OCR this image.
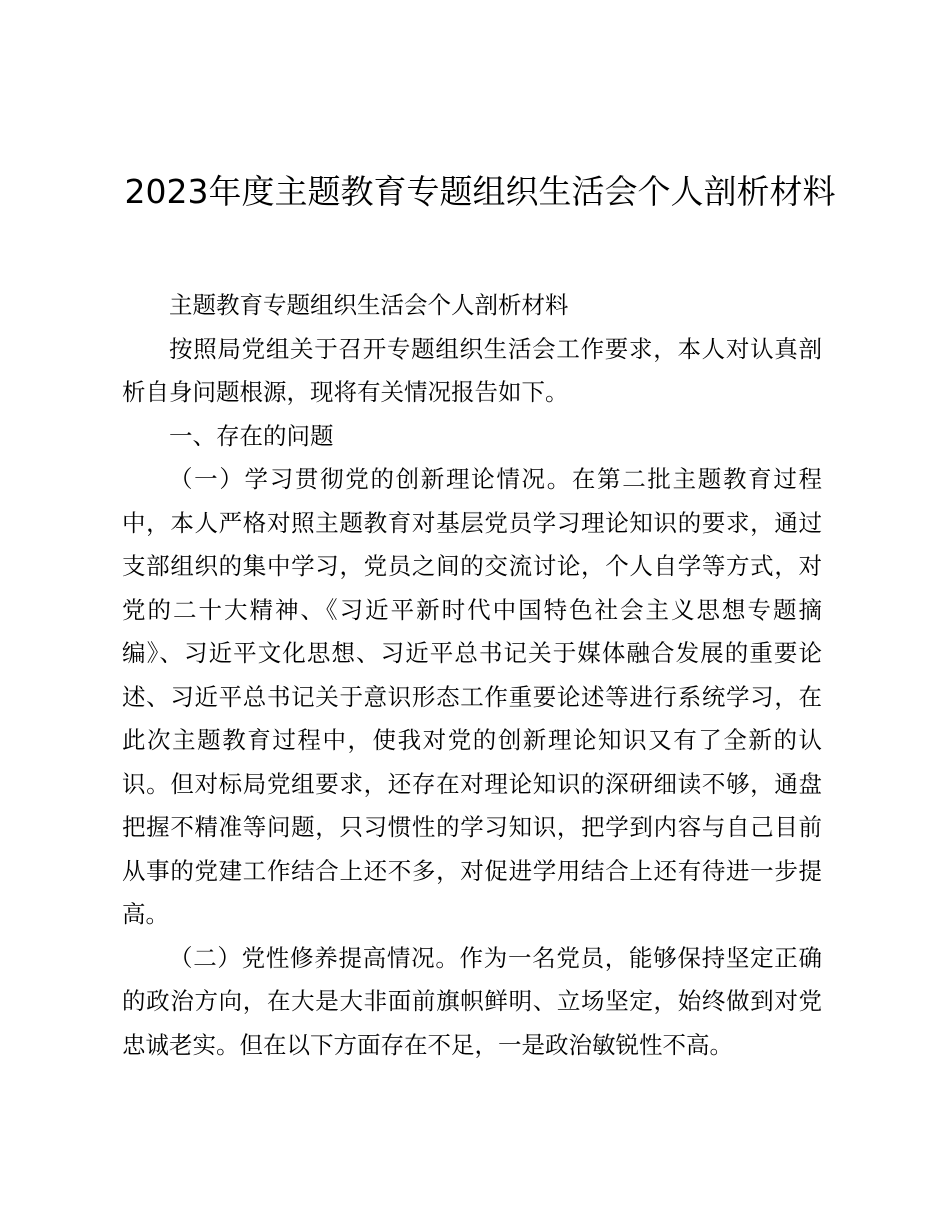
2023年度主题教育专题组织生活会个人剖析材料

主题教育专题组织生活会个人剖析材料

按照局党组关于召开专题组织生活会工作要求，本人对认真剖析自身问题根源，现将有关情况报告如下。

一、存在的问题

（一）学习贯彻党的创新理论情况。在第二批主题教育过程中，本人严格对照主题教育对基层党员学习理论知识的要求，通过支部组织的集中学习，党员之间的交流讨论，个人自学等方式，对党的二十大精神、《习近平新时代中国特色社会主义思想专题摘编》、习近平文化思想、习近平总书记关于媒体融合发展的重要论述、习近平总书记关于意识形态工作重要论述等进行系统学习，在此次主题教育过程中，使我对党的创新理论知识又有了全新的认识。但对标局党组要求，还存在对理论知识的深研细读不够，通盘把握不精准等问题，只习惯性的学习知识，把学到内容与自己目前从事的党建工作结合上还不多，对促进学用结合上还有待进一步提高。

（二）党性修养提高情况。作为一名党员，能够保持坚定正确的政治方向，在大是大非面前旗帜鲜明、立场坚定，始终做到对党忠诚老实。但在以下方面存在不足，一是政治敏锐性不高。
